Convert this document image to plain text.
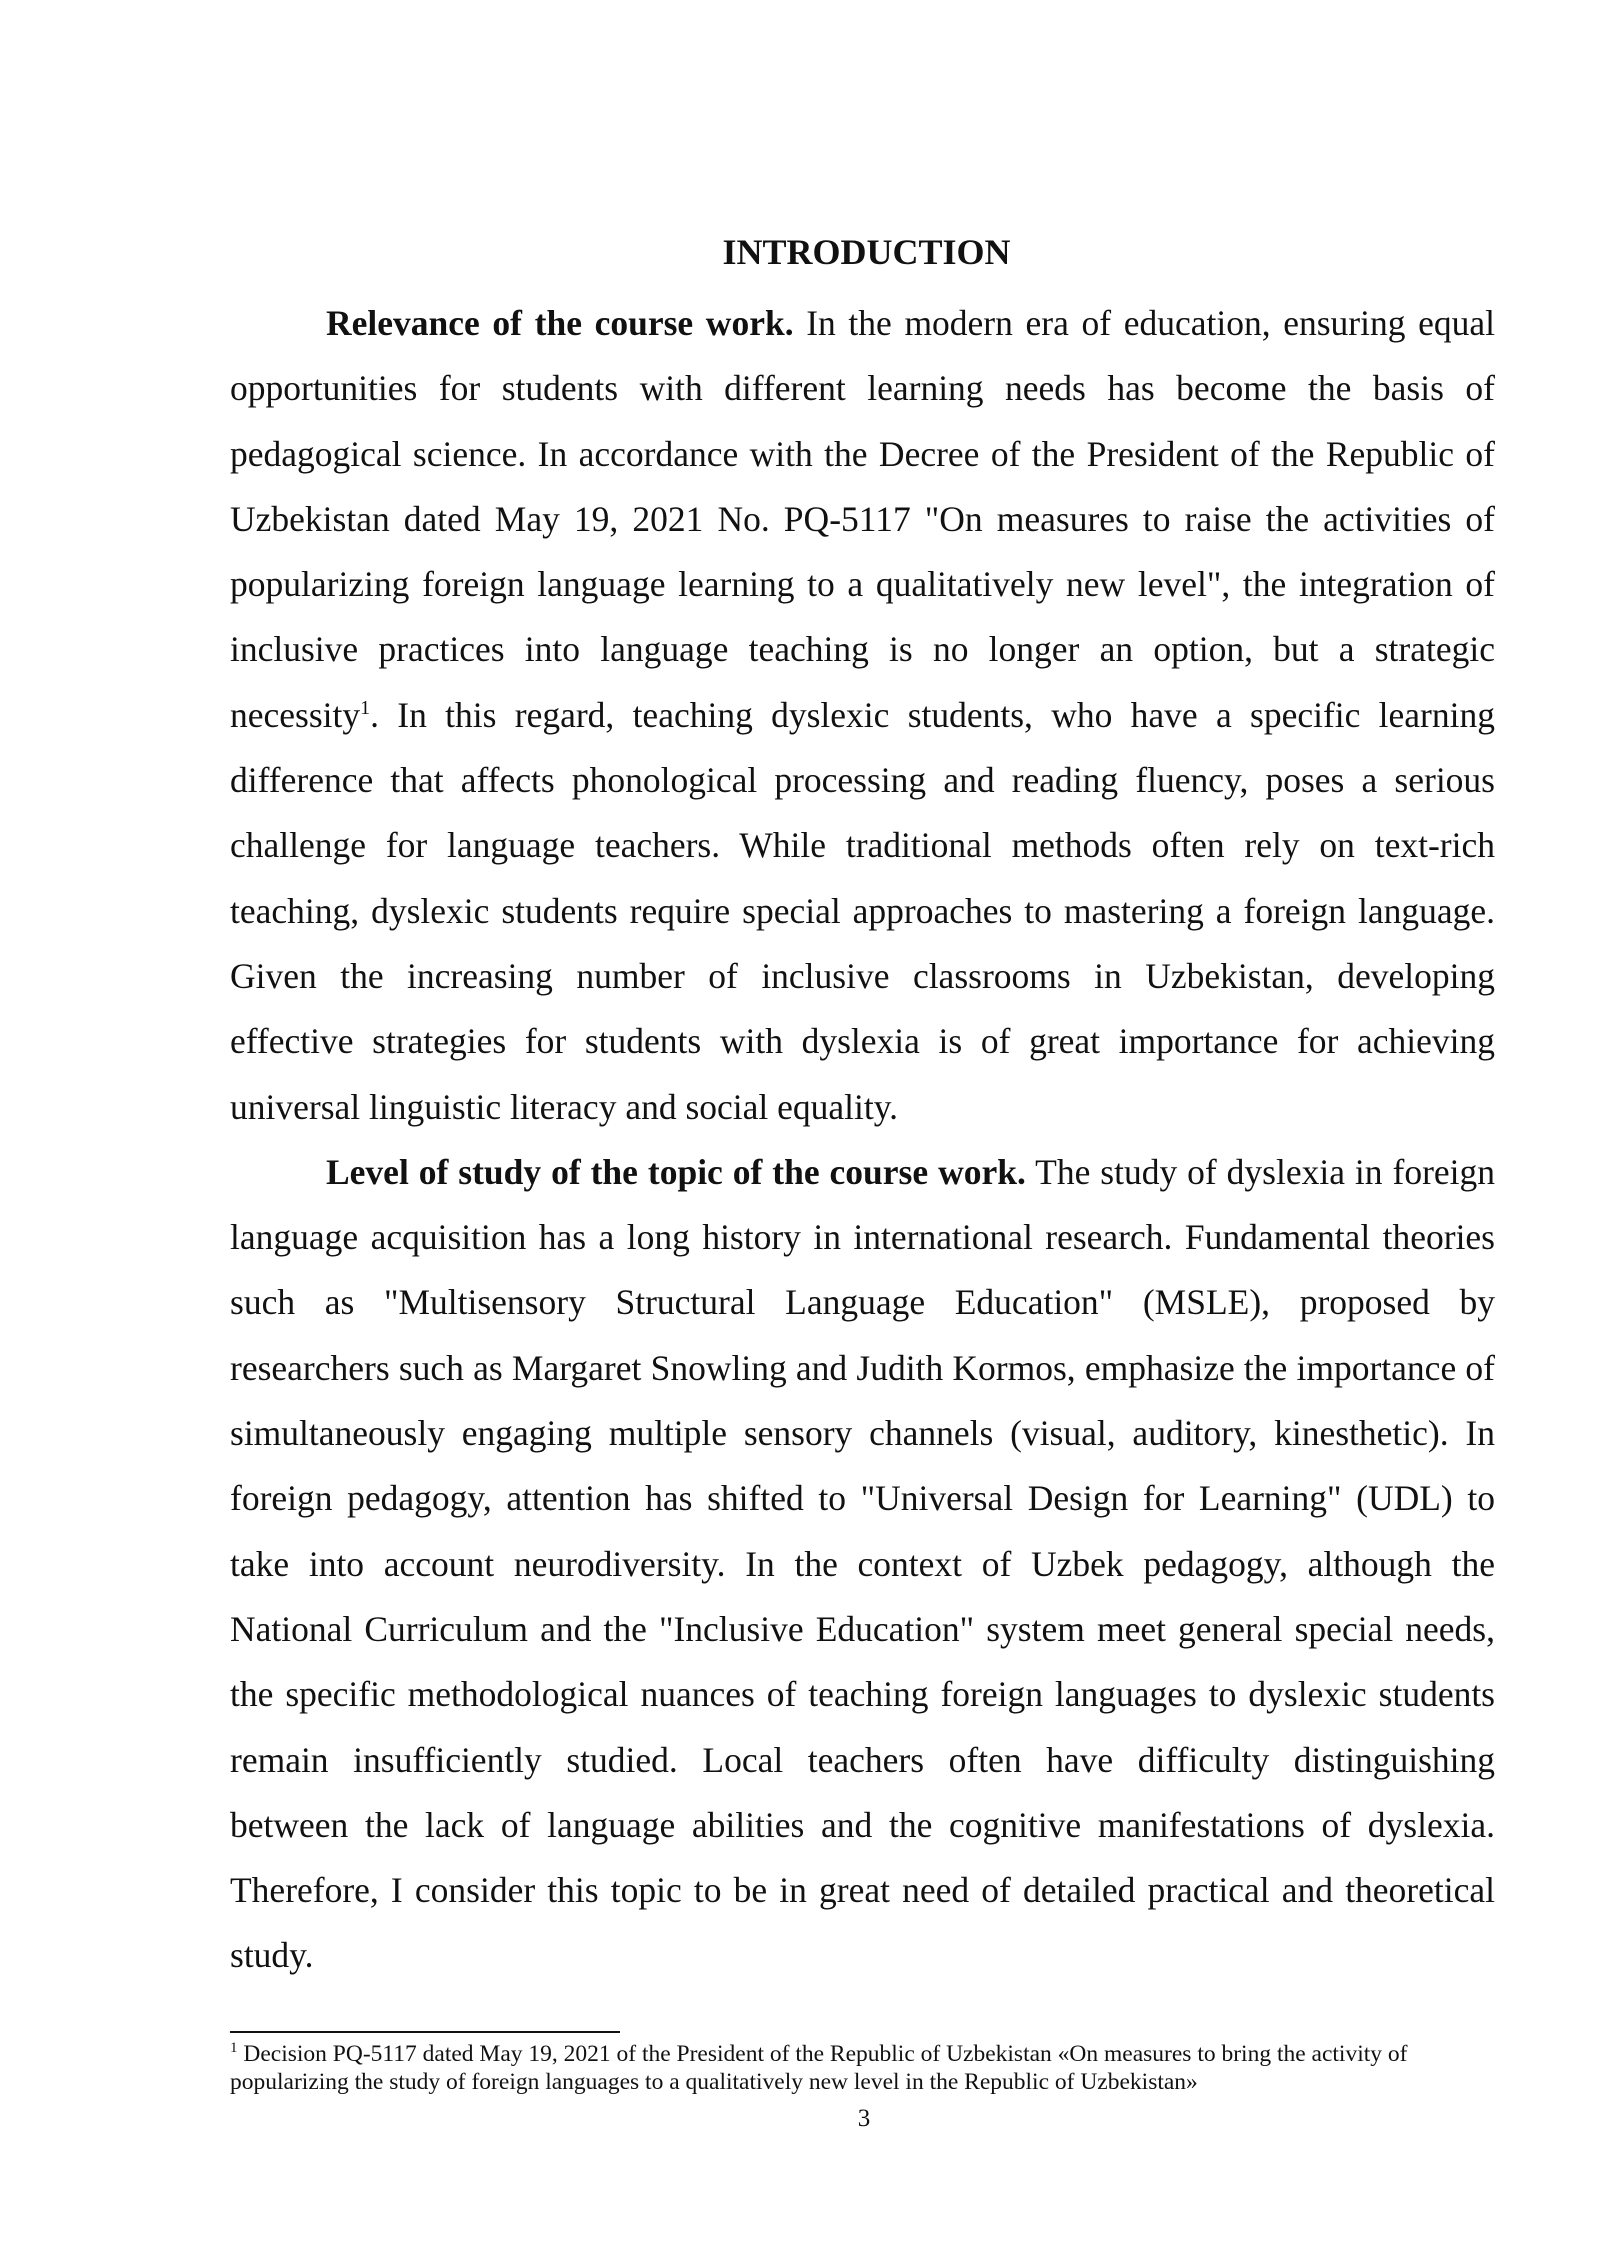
INTRODUCTION

Relevance of the course work. In the modern era of education, ensuring equal opportunities for students with different learning needs has become the basis of pedagogical science. In accordance with the Decree of the President of the Republic of Uzbekistan dated May 19, 2021 No. PQ-5117 "On measures to raise the activities of popularizing foreign language learning to a qualitatively new level", the integration of inclusive practices into language teaching is no longer an option, but a strategic necessity$^1$. In this regard, teaching dyslexic students, who have a specific learning difference that affects phonological processing and reading fluency, poses a serious challenge for language teachers. While traditional methods often rely on text-rich teaching, dyslexic students require special approaches to mastering a foreign language. Given the increasing number of inclusive classrooms in Uzbekistan, developing effective strategies for students with dyslexia is of great importance for achieving universal linguistic literacy and social equality.

Level of study of the topic of the course work. The study of dyslexia in foreign language acquisition has a long history in international research. Fundamental theories such as "Multisensory Structural Language Education" (MSLE), proposed by researchers such as Margaret Snowling and Judith Kormos, emphasize the importance of simultaneously engaging multiple sensory channels (visual, auditory, kinesthetic). In foreign pedagogy, attention has shifted to "Universal Design for Learning" (UDL) to take into account neurodiversity. In the context of Uzbek pedagogy, although the National Curriculum and the "Inclusive Education" system meet general special needs, the specific methodological nuances of teaching foreign languages to dyslexic students remain insufficiently studied. Local teachers often have difficulty distinguishing between the lack of language abilities and the cognitive manifestations of dyslexia. Therefore, I consider this topic to be in great need of detailed practical and theoretical study.

$^1$ Decision PQ-5117 dated May 19, 2021 of the President of the Republic of Uzbekistan «On measures to bring the activity of popularizing the study of foreign languages to a qualitatively new level in the Republic of Uzbekistan»

3
